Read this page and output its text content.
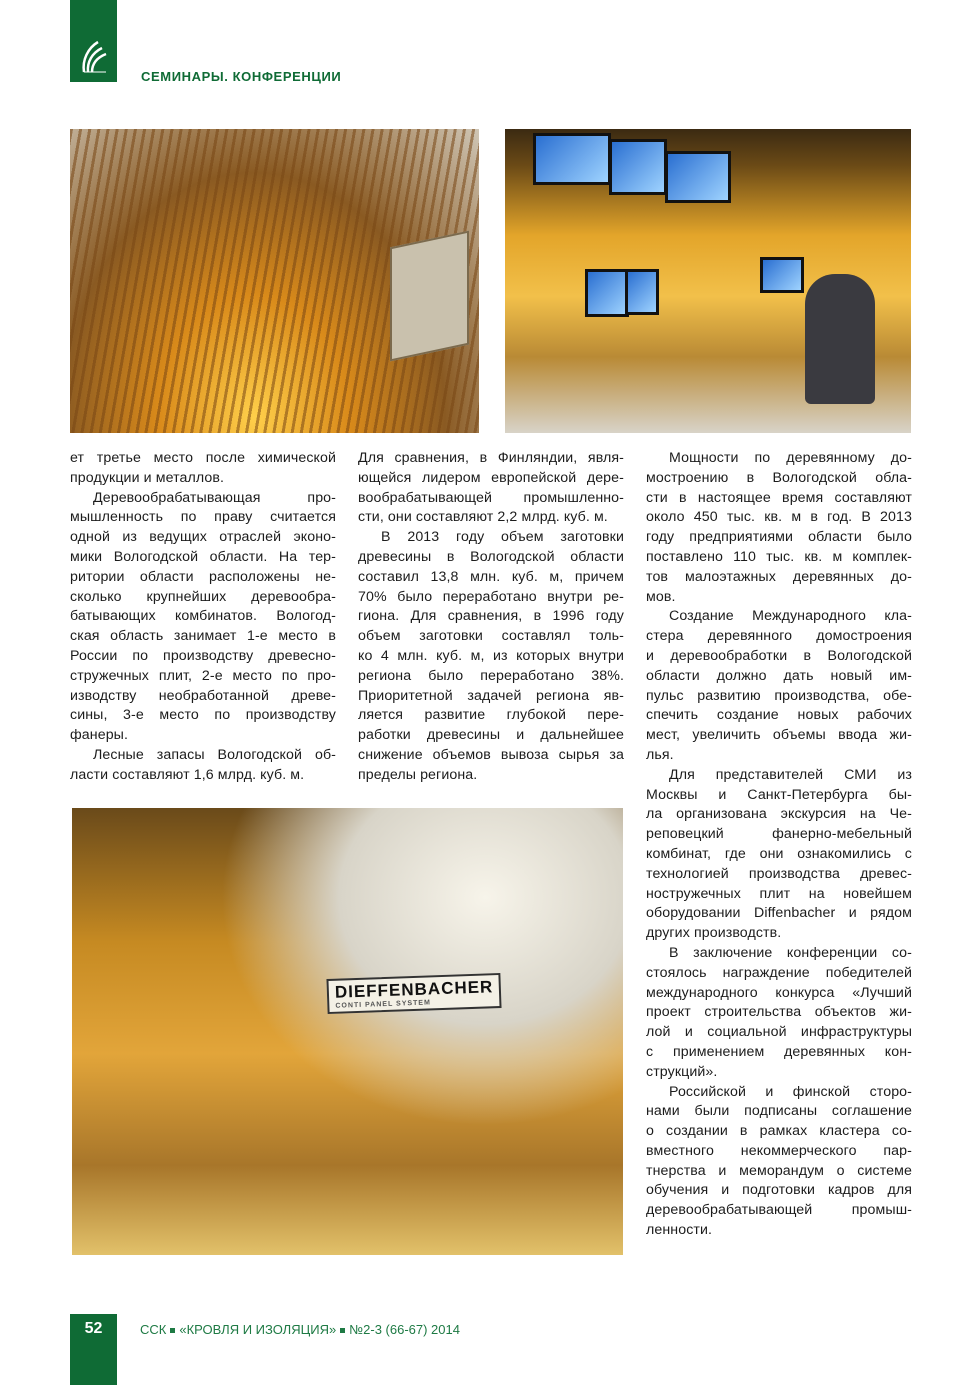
СЕМИНАРЫ. КОНФЕРЕНЦИИ
DIEFFENBACHER
CONTI PANEL SYSTEM
ет третье место после химической
продукции и металлов.
Деревообрабатывающая про-
мышленность по праву считается
одной из ведущих отраслей эконо-
мики Вологодской области. На тер-
ритории области расположены не-
сколько крупнейших деревообра-
батывающих комбинатов. Вологод-
ская область занимает 1-е место в
России по производству древесно-
стружечных плит, 2-е место по про-
изводству необработанной древе-
сины, 3-е место по производству
фанеры.
Лесные запасы Вологодской об-
ласти составляют 1,6 млрд. куб. м.
Для сравнения, в Финляндии, явля-
ющейся лидером европейской дере-
вообрабатывающей промышленно-
сти, они составляют 2,2 млрд. куб. м.
В 2013 году объем заготовки
древесины в Вологодской области
составил 13,8 млн. куб. м, причем
70% было переработано внутри ре-
гиона. Для сравнения, в 1996 году
объем заготовки составлял толь-
ко 4 млн. куб. м, из которых внутри
региона было переработано 38%.
Приоритетной задачей региона яв-
ляется развитие глубокой пере-
работки древесины и дальнейшее
снижение объемов вывоза сырья за
пределы региона.
Мощности по деревянному до-
мостроению в Вологодской обла-
сти в настоящее время составляют
около 450 тыс. кв. м в год. В 2013
году предприятиями области было
поставлено 110 тыс. кв. м комплек-
тов малоэтажных деревянных до-
мов.
Создание Международного кла-
стера деревянного домостроения
и деревообработки в Вологодской
области должно дать новый им-
пульс развитию производства, обе-
спечить создание новых рабочих
мест, увеличить объемы ввода жи-
лья.
Для представителей СМИ из
Москвы и Санкт-Петербурга бы-
ла организована экскурсия на Че-
реповецкий фанерно-мебельный
комбинат, где они ознакомились с
технологией производства древес-
ностружечных плит на новейшем
оборудовании Diffenbacher и рядом
других производств.
В заключение конференции со-
стоялось награждение победителей
международного конкурса «Лучший
проект строительства объектов жи-
лой и социальной инфраструктуры
с применением деревянных кон-
струкций».
Российской и финской сторо-
нами были подписаны соглашение
о создании в рамках кластера со-
вместного некоммерческого пар-
тнерства и меморандум о системе
обучения и подготовки кадров для
деревообрабатывающей промыш-
ленности.
52	ССК «КРОВЛЯ И ИЗОЛЯЦИЯ» №2-3 (66-67) 2014
